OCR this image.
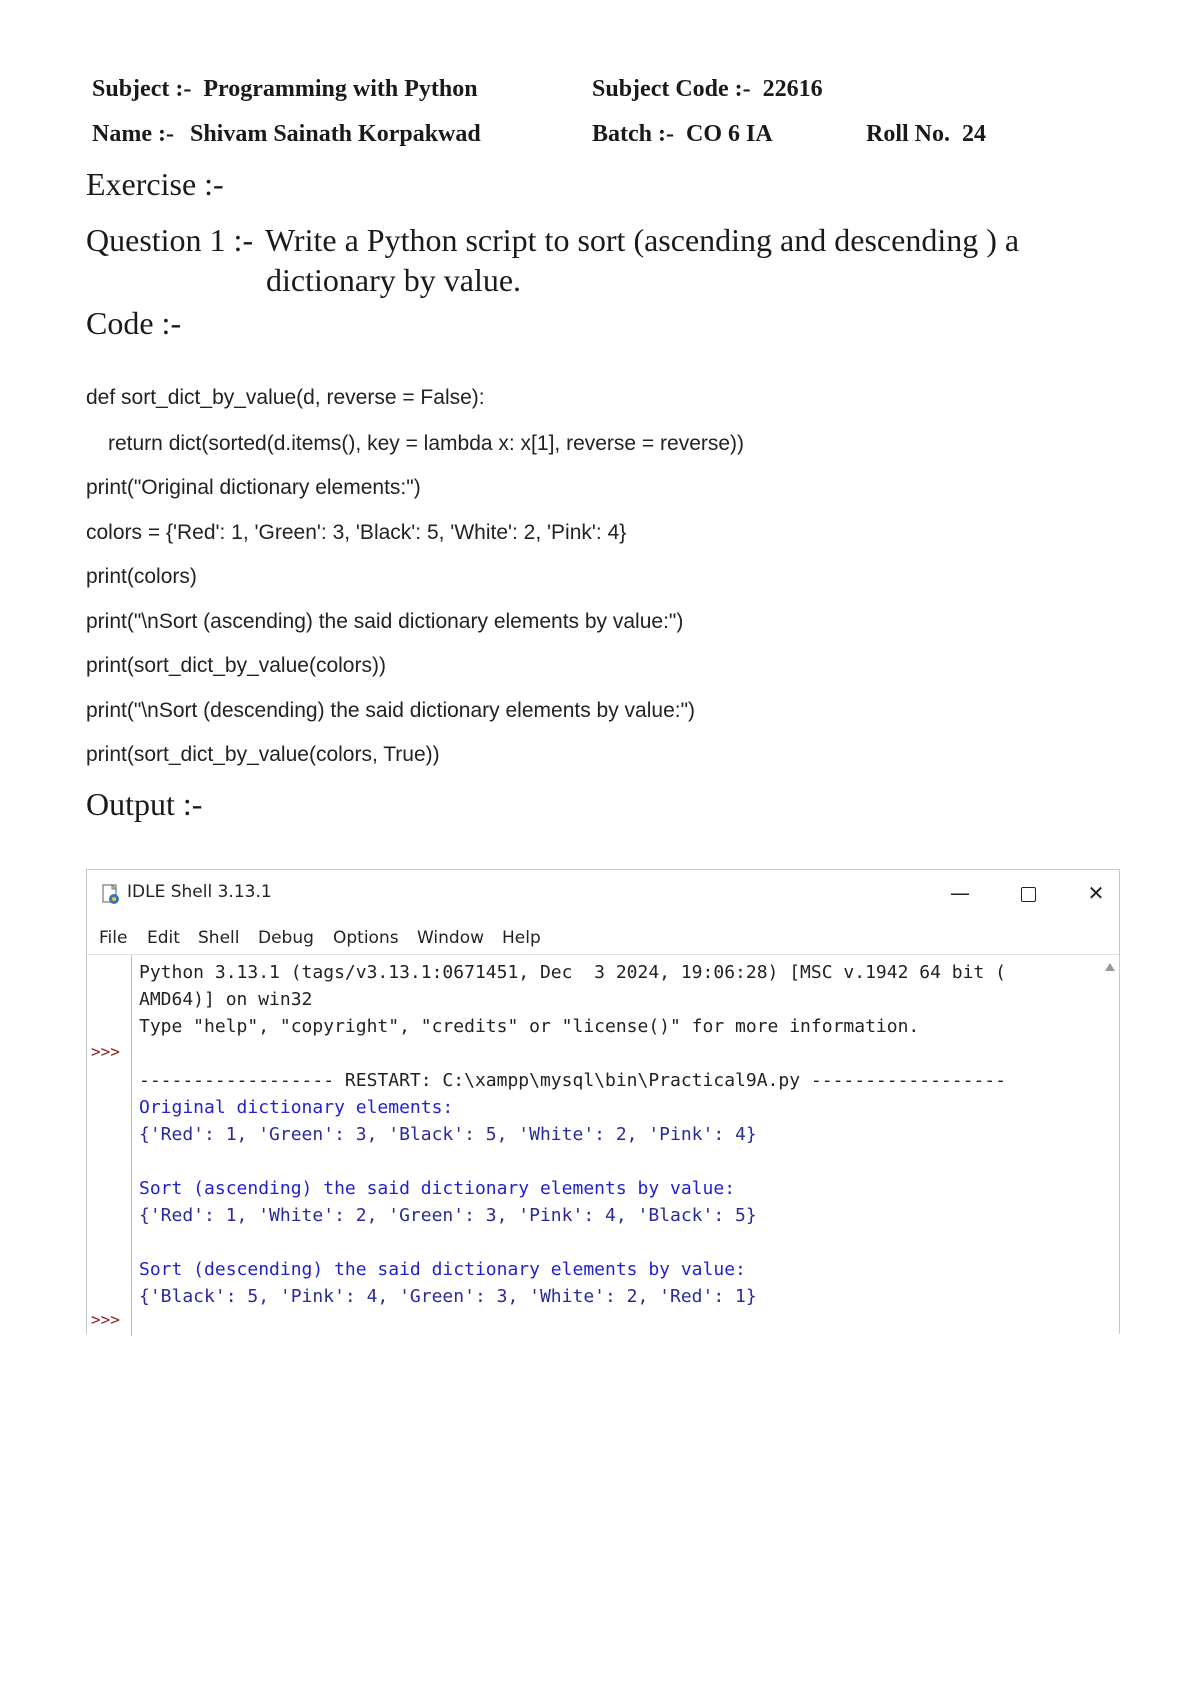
Subject :- Programming with Python	Subject Code :- 22616
Name :- Shivam Sainath Korpakwad	Batch :- CO 6 IA	Roll No. 24
Exercise :-
Question 1 :- Write a Python script to sort (ascending and descending ) a
dictionary by value.
Code :-
def sort_dict_by_value(d, reverse = False):
return dict(sorted(d.items(), key = lambda x: x[1], reverse = reverse))
print("Original dictionary elements:")
colors = {'Red': 1, 'Green': 3, 'Black': 5, 'White': 2, 'Pink': 4}
print(colors)
print("\nSort (ascending) the said dictionary elements by value:")
print(sort_dict_by_value(colors))
print("\nSort (descending) the said dictionary elements by value:")
print(sort_dict_by_value(colors, True))
Output :-
IDLE Shell 3.13.1	—	✕
File Edit Shell Debug Options Window Help
>>>
>>>
Python 3.13.1 (tags/v3.13.1:0671451, Dec  3 2024, 19:06:28) [MSC v.1942 64 bit (
AMD64)] on win32
Type "help", "copyright", "credits" or "license()" for more information.
------------------ RESTART: C:\xampp\mysql\bin\Practical9A.py ------------------
Original dictionary elements:
{'Red': 1, 'Green': 3, 'Black': 5, 'White': 2, 'Pink': 4}
Sort (ascending) the said dictionary elements by value:
{'Red': 1, 'White': 2, 'Green': 3, 'Pink': 4, 'Black': 5}
Sort (descending) the said dictionary elements by value:
{'Black': 5, 'Pink': 4, 'Green': 3, 'White': 2, 'Red': 1}
